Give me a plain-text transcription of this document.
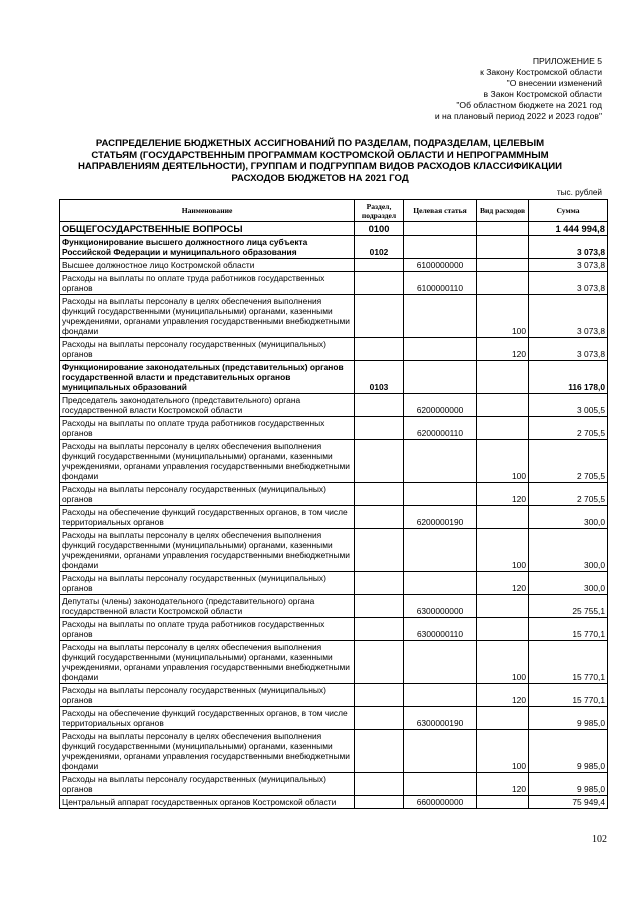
ПРИЛОЖЕНИЕ 5
к Закону Костромской области
"О внесении изменений
в Закон Костромской области
"Об областном бюджете на 2021 год
и на плановый период 2022 и 2023 годов"
РАСПРЕДЕЛЕНИЕ БЮДЖЕТНЫХ АССИГНОВАНИЙ ПО РАЗДЕЛАМ, ПОДРАЗДЕЛАМ, ЦЕЛЕВЫМ
СТАТЬЯМ (ГОСУДАРСТВЕННЫМ ПРОГРАММАМ КОСТРОМСКОЙ ОБЛАСТИ И НЕПРОГРАММНЫМ
НАПРАВЛЕНИЯМ ДЕЯТЕЛЬНОСТИ), ГРУППАМ И ПОДГРУППАМ ВИДОВ РАСХОДОВ КЛАССИФИКАЦИИ
РАСХОДОВ БЮДЖЕТОВ НА 2021 ГОД
тыс. рублей
Наименование	Раздел, подраздел	Целевая статья	Вид расходов	Сумма
ОБЩЕГОСУДАРСТВЕННЫЕ ВОПРОСЫ	0100			1 444 994,8
Функционирование высшего должностного лица субъекта Российской Федерации и муниципального образования	0102			3 073,8
Высшее должностное лицо Костромской области		6100000000		3 073,8
Расходы на выплаты по оплате труда работников государственных органов		6100000110		3 073,8
Расходы на выплаты персоналу в целях обеспечения выполнения функций государственными (муниципальными) органами, казенными учреждениями, органами управления государственными внебюджетными фондами			100	3 073,8
Расходы на выплаты персоналу государственных (муниципальных) органов			120	3 073,8
Функционирование законодательных (представительных) органов государственной власти и представительных органов муниципальных образований	0103			116 178,0
Председатель законодательного (представительного) органа государственной власти Костромской области		6200000000		3 005,5
Расходы на выплаты по оплате труда работников государственных органов		6200000110		2 705,5
Расходы на выплаты персоналу в целях обеспечения выполнения функций государственными (муниципальными) органами, казенными учреждениями, органами управления государственными внебюджетными фондами			100	2 705,5
Расходы на выплаты персоналу государственных (муниципальных) органов			120	2 705,5
Расходы на обеспечение функций государственных органов, в том числе территориальных органов		6200000190		300,0
Расходы на выплаты персоналу в целях обеспечения выполнения функций государственными (муниципальными) органами, казенными учреждениями, органами управления государственными внебюджетными фондами			100	300,0
Расходы на выплаты персоналу государственных (муниципальных) органов			120	300,0
Депутаты (члены) законодательного (представительного) органа государственной власти Костромской области		6300000000		25 755,1
Расходы на выплаты по оплате труда работников государственных органов		6300000110		15 770,1
Расходы на выплаты персоналу в целях обеспечения выполнения функций государственными (муниципальными) органами, казенными учреждениями, органами управления государственными внебюджетными фондами			100	15 770,1
Расходы на выплаты персоналу государственных (муниципальных) органов			120	15 770,1
Расходы на обеспечение функций государственных органов, в том числе территориальных органов		6300000190		9 985,0
Расходы на выплаты персоналу в целях обеспечения выполнения функций государственными (муниципальными) органами, казенными учреждениями, органами управления государственными внебюджетными фондами			100	9 985,0
Расходы на выплаты персоналу государственных (муниципальных) органов			120	9 985,0
Центральный аппарат государственных органов Костромской области		6600000000		75 949,4
102
